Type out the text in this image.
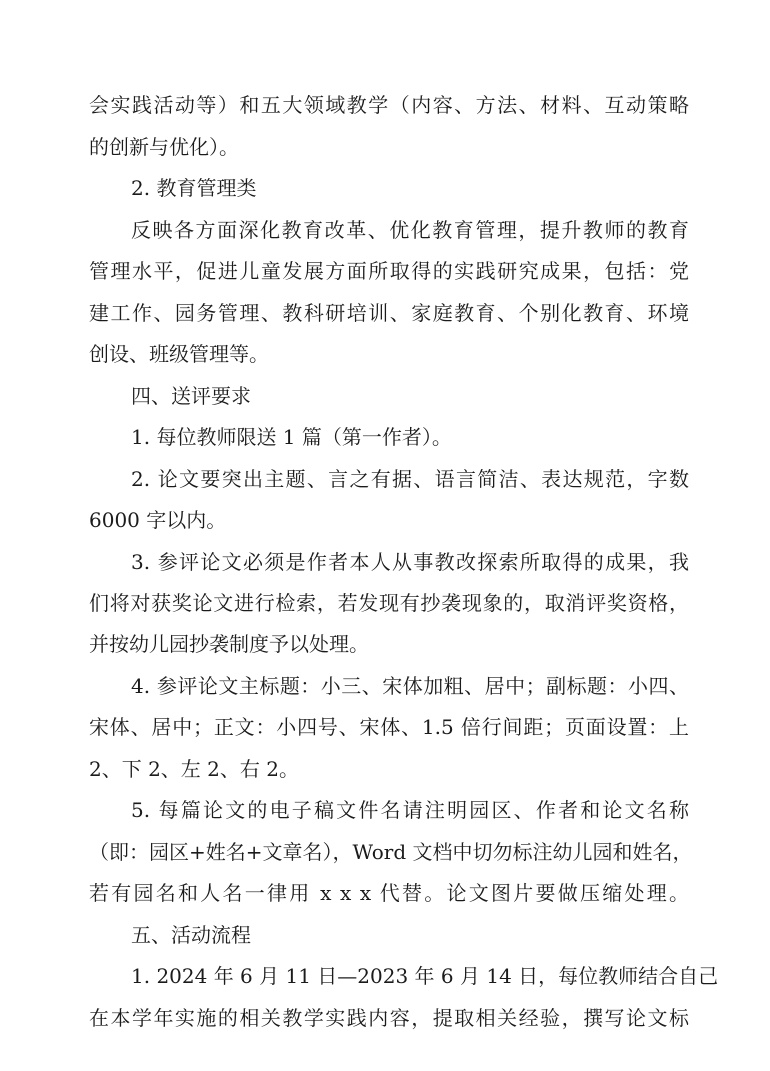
会实践活动等）和五大领域教学（内容、方法、材料、互动策略
的创新与优化）。
2. 教育管理类
反映各方面深化教育改革、优化教育管理，提升教师的教育
管理水平，促进儿童发展方面所取得的实践研究成果，包括：党
建工作、园务管理、教科研培训、家庭教育、个别化教育、环境
创设、班级管理等。
四、送评要求
1. 每位教师限送 1 篇（第一作者）。
2. 论文要突出主题、言之有据、语言简洁、表达规范，字数
6000 字以内。
3. 参评论文必须是作者本人从事教改探索所取得的成果，我
们将对获奖论文进行检索，若发现有抄袭现象的，取消评奖资格，
并按幼儿园抄袭制度予以处理。
4. 参评论文主标题：小三、宋体加粗、居中；副标题：小四、
宋体、居中；正文：小四号、宋体、1.5 倍行间距；页面设置：上
2、下 2、左 2、右 2。
5. 每篇论文的电子稿文件名请注明园区、作者和论文名称
（即：园区+姓名+文章名），Word 文档中切勿标注幼儿园和姓名，
若有园名和人名一律用 x x x 代替。论文图片要做压缩处理。
五、活动流程
1. 2024 年 6 月 11 日—2023 年 6 月 14 日，每位教师结合自己
在本学年实施的相关教学实践内容，提取相关经验，撰写论文标
